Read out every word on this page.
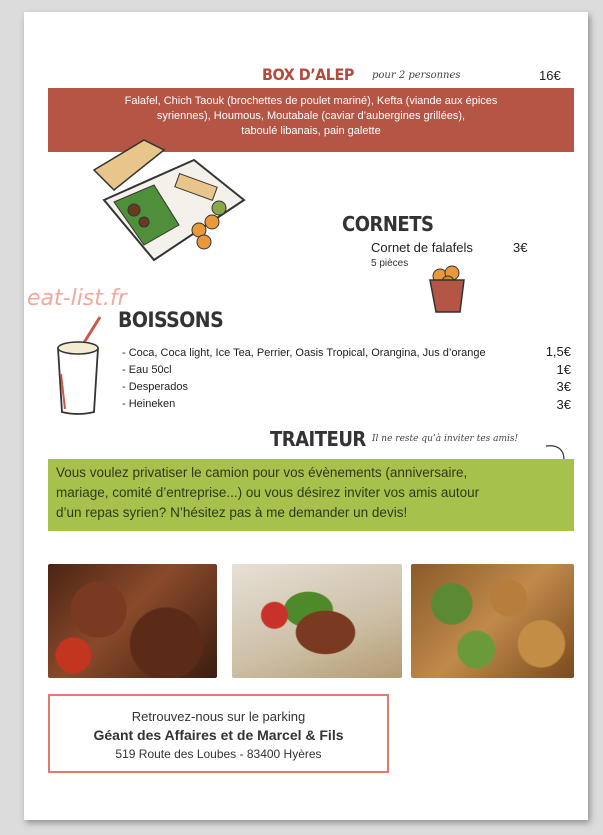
BOX D’ALEP pour 2 personnes	16€
Falafel, Chich Taouk (brochettes de poulet mariné), Kefta (viande aux épices
syriennes), Houmous, Moutabale (caviar d’aubergines grillées),
taboulé libanais, pain galette
CORNETS
Cornet de falafels	3€
5 pièces
eat-list.fr
BOISSONS
- Coca, Coca light, Ice Tea, Perrier, Oasis Tropical, Orangina, Jus d’orange
- Eau 50cl
- Desperados
- Heineken
1,5€
1€
3€
3€
TRAITEUR Il ne reste qu’à inviter tes amis!
Vous voulez privatiser le camion pour vos évènements (anniversaire,
mariage, comité d’entreprise...) ou vous désirez inviter vos amis autour
d’un repas syrien? N’hésitez pas à me demander un devis!
Retrouvez-nous sur le parking
Géant des Affaires et de Marcel & Fils
519 Route des Loubes - 83400 Hyères
